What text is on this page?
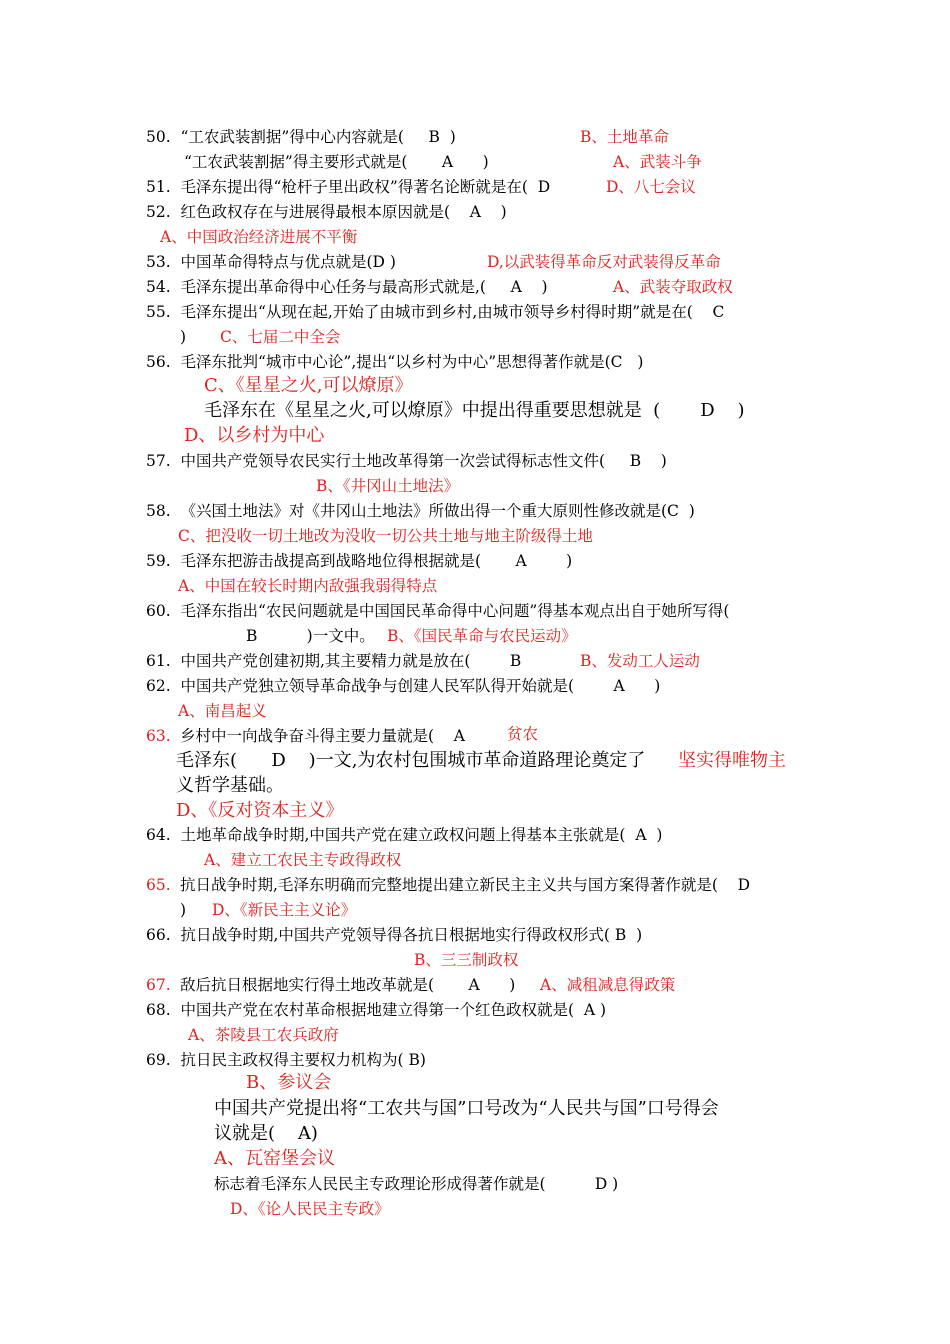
50.  “工农武装割据”得中心内容就是(     B  )	B、土地革命
“工农武装割据”得主要形式就是(       A      )	A、武装斗争
51.  毛泽东提出得“枪杆子里出政权”得著名论断就是在(  D	D、八七会议
52.  红色政权存在与进展得最根本原因就是(    A    )
A、中国政治经济进展不平衡
53.  中国革命得特点与优点就是(D )	D,以武装得革命反对武装得反革命
54.  毛泽东提出革命得中心任务与最高形式就是,(     A    )	A、武装夺取政权
55.  毛泽东提出“从现在起,开始了由城市到乡村,由城市领导乡村得时期”就是在(    C
) C、七届二中全会
56.  毛泽东批判“城市中心论”,提出“以乡村为中心”思想得著作就是(C   )
C、《星星之火,可以燎原》
毛泽东在《星星之火,可以燎原》中提出得重要思想就是  (       D    )
D、以乡村为中心
57.  中国共产党领导农民实行土地改革得第一次尝试得标志性文件(     B    )
B、《井冈山土地法》
58.  《兴国土地法》对《井冈山土地法》所做出得一个重大原则性修改就是(C  )
C、把没收一切土地改为没收一切公共土地与地主阶级得土地
59.  毛泽东把游击战提高到战略地位得根据就是(       A        )
A、中国在较长时期内敌强我弱得特点
60.  毛泽东指出“农民问题就是中国国民革命得中心问题”得基本观点出自于她所写得(
B          )一文中。 B、《国民革命与农民运动》
61.  中国共产党创建初期,其主要精力就是放在(        B	B、发动工人运动
62.  中国共产党独立领导革命战争与创建人民军队得开始就是(        A      )
A、南昌起义
63. 乡村中一向战争奋斗得主要力量就是(    A	贫农
毛泽东(      D    )一文,为农村包围城市革命道路理论奠定了 坚实得唯物主
义哲学基础。
D、《反对资本主义》
64.  土地革命战争时期,中国共产党在建立政权问题上得基本主张就是(  A  )
A、建立工农民主专政得政权
65. 抗日战争时期,毛泽东明确而完整地提出建立新民主主义共与国方案得著作就是(    D
) D、《新民主主义论》
66.  抗日战争时期,中国共产党领导得各抗日根据地实行得政权形式( B  )
B、三三制政权
67. 敌后抗日根据地实行得土地改革就是(       A      ) A、减租减息得政策
68.  中国共产党在农村革命根据地建立得第一个红色政权就是(  A )
A、茶陵县工农兵政府
69.  抗日民主政权得主要权力机构为( B)
B、参议会
中国共产党提出将“工农共与国”口号改为“人民共与国”口号得会
议就是(    A)
A、瓦窑堡会议
标志着毛泽东人民民主专政理论形成得著作就是(          D )
D、《论人民民主专政》
